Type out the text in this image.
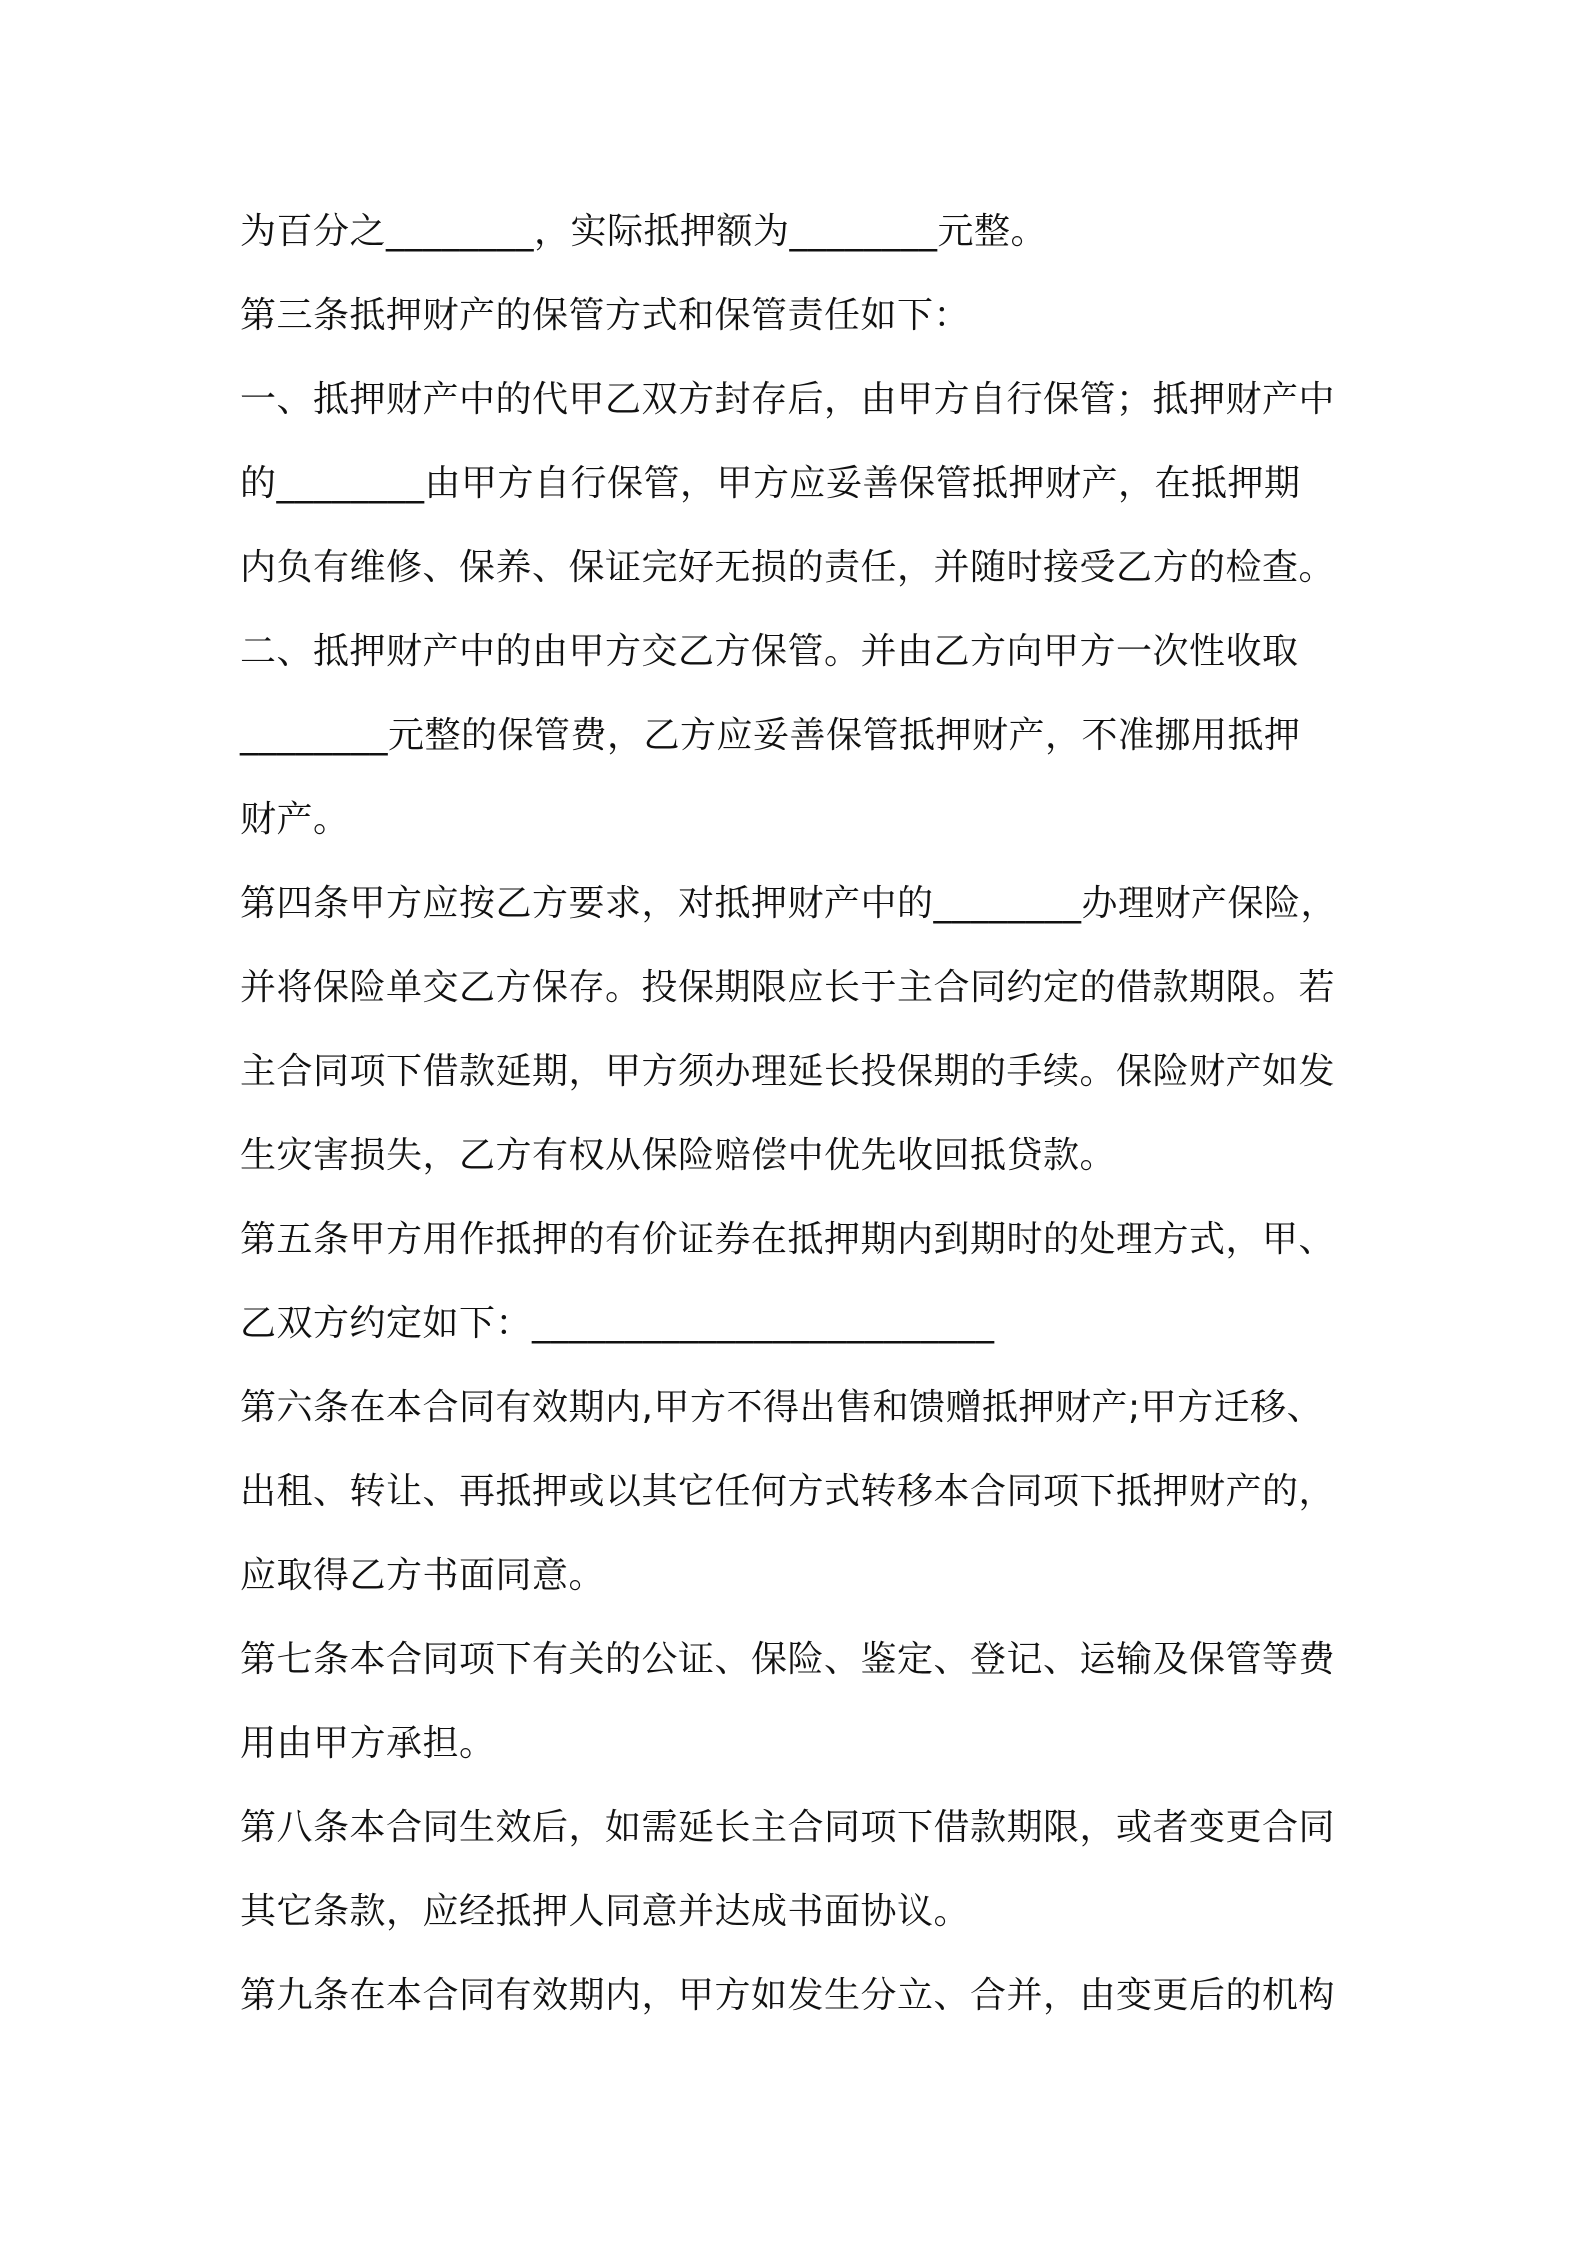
为百分之________，实际抵押额为________元整。
第三条抵押财产的保管方式和保管责任如下：
一、抵押财产中的代甲乙双方封存后，由甲方自行保管；抵押财产中
的________由甲方自行保管，甲方应妥善保管抵押财产，在抵押期
内负有维修、保养、保证完好无损的责任，并随时接受乙方的检查。
二、抵押财产中的由甲方交乙方保管。并由乙方向甲方一次性收取
________元整的保管费，乙方应妥善保管抵押财产，不准挪用抵押
财产。
第四条甲方应按乙方要求，对抵押财产中的________办理财产保险，
并将保险单交乙方保存。投保期限应长于主合同约定的借款期限。若
主合同项下借款延期，甲方须办理延长投保期的手续。保险财产如发
生灾害损失，乙方有权从保险赔偿中优先收回抵贷款。
第五条甲方用作抵押的有价证券在抵押期内到期时的处理方式，甲、
乙双方约定如下：_________________________
第六条在本合同有效期内,甲方不得出售和馈赠抵押财产;甲方迁移、
出租、转让、再抵押或以其它任何方式转移本合同项下抵押财产的，
应取得乙方书面同意。
第七条本合同项下有关的公证、保险、鉴定、登记、运输及保管等费
用由甲方承担。
第八条本合同生效后，如需延长主合同项下借款期限，或者变更合同
其它条款，应经抵押人同意并达成书面协议。
第九条在本合同有效期内，甲方如发生分立、合并，由变更后的机构
